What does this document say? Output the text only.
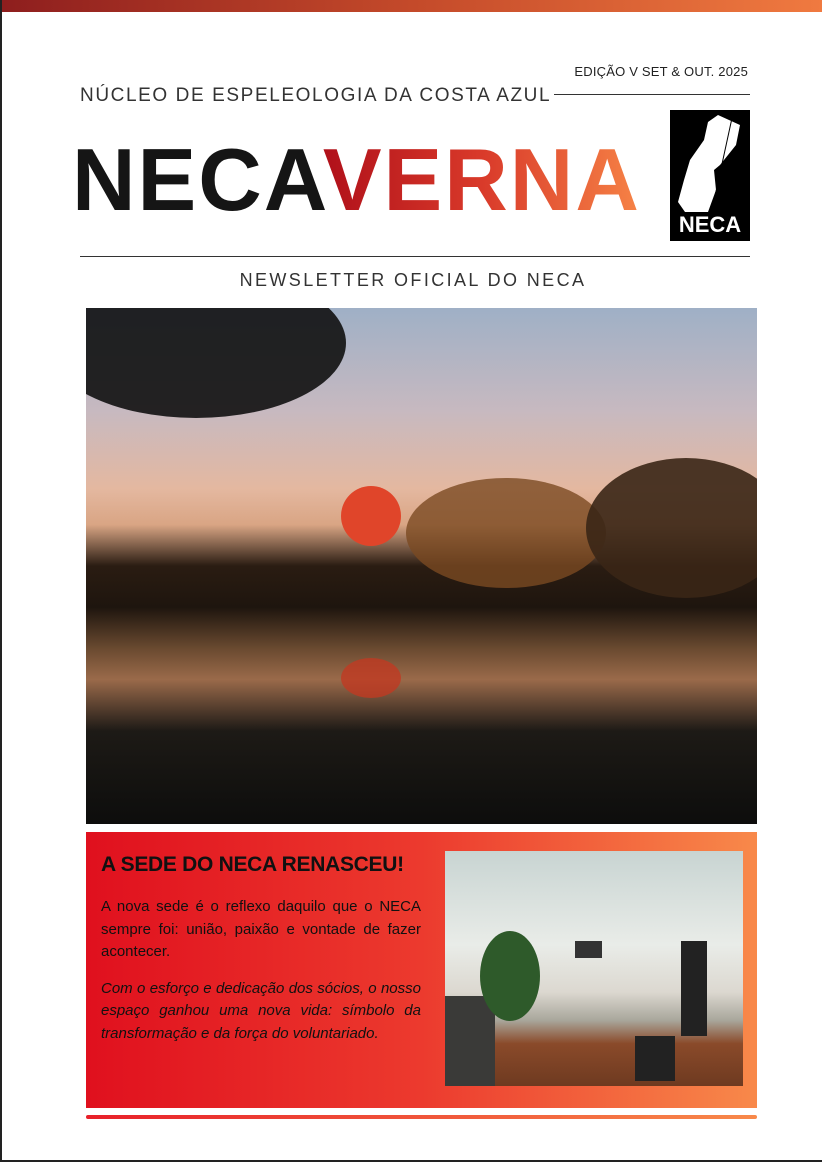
NÚCLEO DE ESPELEOLOGIA DA COSTA AZUL
EDIÇÃO V SET & OUT. 2025
NECAVERNA	NECA
NEWSLETTER OFICIAL DO NECA
A SEDE DO NECA RENASCEU!

A nova sede é o reflexo daquilo que o NECA sempre foi: união, paixão e vontade de fazer acontecer.

Com o esforço e dedicação dos sócios, o nosso espaço ganhou uma nova vida: símbolo da transformação e da força do voluntariado.
